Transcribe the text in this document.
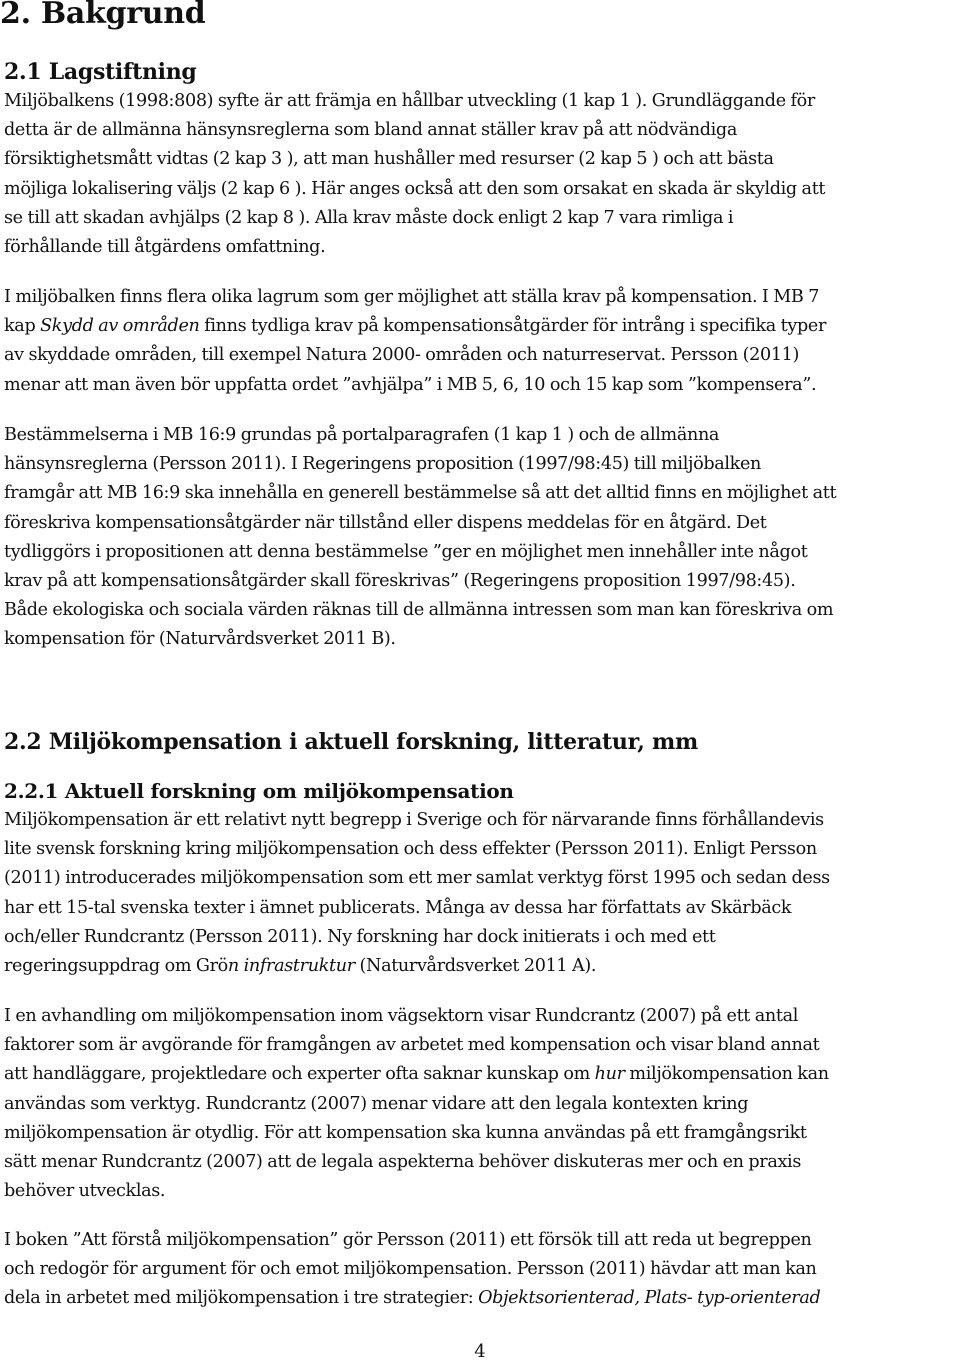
2. Bakgrund
2.1 Lagstiftning

Miljöbalkens (1998:808) syfte är att främja en hållbar utveckling (1 kap 1 ). Grundläggande för
detta är de allmänna hänsynsreglerna som bland annat ställer krav på att nödvändiga
försiktighetsmått vidtas (2 kap 3 ), att man hushåller med resurser (2 kap 5 ) och att bästa
möjliga lokalisering väljs (2 kap 6 ). Här anges också att den som orsakat en skada är skyldig att
se till att skadan avhjälps (2 kap 8 ). Alla krav måste dock enligt 2 kap 7 vara rimliga i
förhållande till åtgärdens omfattning.

I miljöbalken finns flera olika lagrum som ger möjlighet att ställa krav på kompensation. I MB 7
kap Skydd av områden finns tydliga krav på kompensationsåtgärder för intrång i specifika typer
av skyddade områden, till exempel Natura 2000- områden och naturreservat. Persson (2011)
menar att man även bör uppfatta ordet ”avhjälpa” i MB 5, 6, 10 och 15 kap som ”kompensera”.

Bestämmelserna i MB 16:9 grundas på portalparagrafen (1 kap 1 ) och de allmänna
hänsynsreglerna (Persson 2011). I Regeringens proposition (1997/98:45) till miljöbalken
framgår att MB 16:9 ska innehålla en generell bestämmelse så att det alltid finns en möjlighet att
föreskriva kompensationsåtgärder när tillstånd eller dispens meddelas för en åtgärd. Det
tydliggörs i propositionen att denna bestämmelse ”ger en möjlighet men innehåller inte något
krav på att kompensationsåtgärder skall föreskrivas” (Regeringens proposition 1997/98:45).
Både ekologiska och sociala värden räknas till de allmänna intressen som man kan föreskriva om
kompensation för (Naturvårdsverket 2011 B).

2.2 Miljökompensation i aktuell forskning, litteratur, mm
2.2.1 Aktuell forskning om miljökompensation

Miljökompensation är ett relativt nytt begrepp i Sverige och för närvarande finns förhållandevis
lite svensk forskning kring miljökompensation och dess effekter (Persson 2011). Enligt Persson
(2011) introducerades miljökompensation som ett mer samlat verktyg först 1995 och sedan dess
har ett 15-tal svenska texter i ämnet publicerats. Många av dessa har författats av Skärbäck
och/eller Rundcrantz (Persson 2011). Ny forskning har dock initierats i och med ett
regeringsuppdrag om Grön infrastruktur (Naturvårdsverket 2011 A).

I en avhandling om miljökompensation inom vägsektorn visar Rundcrantz (2007) på ett antal
faktorer som är avgörande för framgången av arbetet med kompensation och visar bland annat
att handläggare, projektledare och experter ofta saknar kunskap om hur miljökompensation kan
användas som verktyg. Rundcrantz (2007) menar vidare att den legala kontexten kring
miljökompensation är otydlig. För att kompensation ska kunna användas på ett framgångsrikt
sätt menar Rundcrantz (2007) att de legala aspekterna behöver diskuteras mer och en praxis
behöver utvecklas.

I boken ”Att förstå miljökompensation” gör Persson (2011) ett försök till att reda ut begreppen
och redogör för argument för och emot miljökompensation. Persson (2011) hävdar att man kan
dela in arbetet med miljökompensation i tre strategier: Objektsorienterad, Plats- typ-orienterad

4
